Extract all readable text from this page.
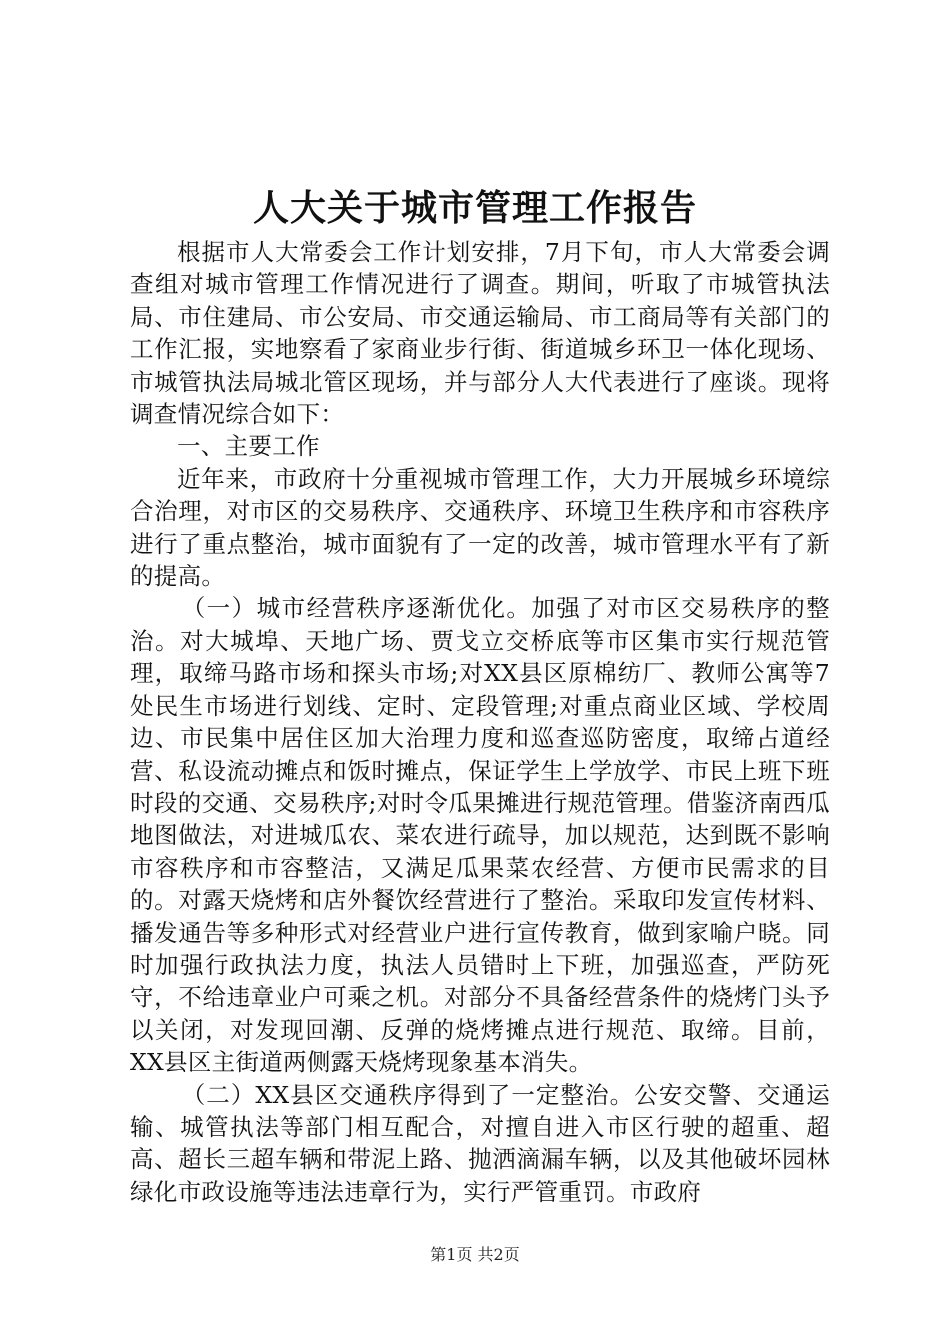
人大关于城市管理工作报告

根据市人大常委会工作计划安排，7月下旬，市人大常委会调查组对城市管理工作情况进行了调查。期间，听取了市城管执法局、市住建局、市公安局、市交通运输局、市工商局等有关部门的工作汇报，实地察看了家商业步行街、街道城乡环卫一体化现场、市城管执法局城北管区现场，并与部分人大代表进行了座谈。现将调查情况综合如下：

一、主要工作

近年来，市政府十分重视城市管理工作，大力开展城乡环境综合治理，对市区的交易秩序、交通秩序、环境卫生秩序和市容秩序进行了重点整治，城市面貌有了一定的改善，城市管理水平有了新的提高。

（一）城市经营秩序逐渐优化。加强了对市区交易秩序的整治。对大城埠、天地广场、贾戈立交桥底等市区集市实行规范管理，取缔马路市场和探头市场;对XX县区原棉纺厂、教师公寓等7处民生市场进行划线、定时、定段管理;对重点商业区域、学校周边、市民集中居住区加大治理力度和巡查巡防密度，取缔占道经营、私设流动摊点和饭时摊点，保证学生上学放学、市民上班下班时段的交通、交易秩序;对时令瓜果摊进行规范管理。借鉴济南西瓜地图做法，对进城瓜农、菜农进行疏导，加以规范，达到既不影响市容秩序和市容整洁，又满足瓜果菜农经营、方便市民需求的目的。对露天烧烤和店外餐饮经营进行了整治。采取印发宣传材料、播发通告等多种形式对经营业户进行宣传教育，做到家喻户晓。同时加强行政执法力度，执法人员错时上下班，加强巡查，严防死守，不给违章业户可乘之机。对部分不具备经营条件的烧烤门头予以关闭，对发现回潮、反弹的烧烤摊点进行规范、取缔。目前，XX县区主街道两侧露天烧烤现象基本消失。

（二）XX县区交通秩序得到了一定整治。公安交警、交通运输、城管执法等部门相互配合，对擅自进入市区行驶的超重、超高、超长三超车辆和带泥上路、抛洒滴漏车辆，以及其他破坏园林绿化市政设施等违法违章行为，实行严管重罚。市政府

第1页 共2页
